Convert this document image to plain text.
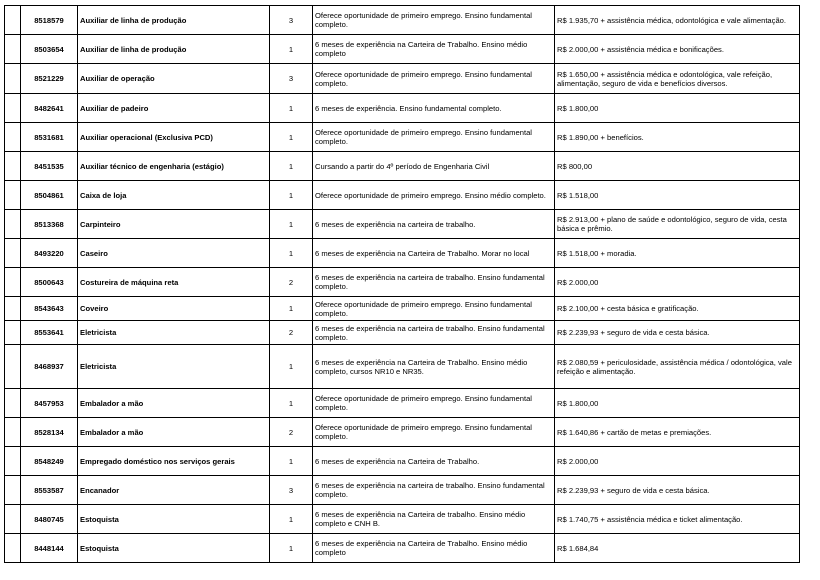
	8518579	Auxiliar de linha de produção	3	Oferece oportunidade de primeiro emprego. Ensino fundamental completo.	R$ 1.935,70 + assistência médica, odontológica e vale alimentação.
	8503654	Auxiliar de linha de produção	1	6 meses de experiência na Carteira de Trabalho. Ensino médio completo	R$ 2.000,00 + assistência médica e bonificações.
	8521229	Auxiliar de operação	3	Oferece oportunidade de primeiro emprego. Ensino fundamental completo.	R$ 1.650,00 + assistência médica e odontológica, vale refeição, alimentação, seguro de vida e benefícios diversos.
	8482641	Auxiliar de padeiro	1	6 meses de experiência. Ensino fundamental completo.	R$ 1.800,00
	8531681	Auxiliar operacional (Exclusiva PCD)	1	Oferece oportunidade de primeiro emprego. Ensino fundamental completo.	R$ 1.890,00 + benefícios.
	8451535	Auxiliar técnico de engenharia (estágio)	1	Cursando a partir do 4º período de Engenharia Civil	R$ 800,00
	8504861	Caixa de loja	1	Oferece oportunidade de primeiro emprego. Ensino médio completo.	R$ 1.518,00
	8513368	Carpinteiro	1	6 meses de experiência na carteira de trabalho.	R$ 2.913,00 + plano de saúde e odontológico, seguro de vida, cesta básica e prêmio.
	8493220	Caseiro	1	6 meses de experiência na Carteira de Trabalho. Morar no local	R$ 1.518,00 + moradia.
	8500643	Costureira de máquina reta	2	6 meses de experiência na carteira de trabalho. Ensino fundamental completo.	R$ 2.000,00
	8543643	Coveiro	1	Oferece oportunidade de primeiro emprego. Ensino fundamental completo.	R$ 2.100,00 + cesta básica e gratificação.
	8553641	Eletricista	2	6 meses de experiência na carteira de trabalho. Ensino fundamental completo.	R$ 2.239,93 + seguro de vida e cesta básica.
	8468937	Eletricista	1	6 meses de experiência na Carteira de Trabalho. Ensino médio completo, cursos NR10 e NR35.	R$ 2.080,59 + periculosidade, assistência médica / odontológica, vale refeição e alimentação.
	8457953	Embalador a mão	1	Oferece oportunidade de primeiro emprego. Ensino fundamental completo.	R$ 1.800,00
	8528134	Embalador a mão	2	Oferece oportunidade de primeiro emprego. Ensino fundamental completo.	R$ 1.640,86 + cartão de metas e premiações.
	8548249	Empregado doméstico nos serviços gerais	1	6 meses de experiência na Carteira de Trabalho.	R$ 2.000,00
	8553587	Encanador	3	6 meses de experiência na carteira de trabalho. Ensino fundamental completo.	R$ 2.239,93 + seguro de vida e cesta básica.
	8480745	Estoquista	1	6 meses de experiência na Carteira de trabalho. Ensino médio completo e CNH B.	R$ 1.740,75 + assistência médica e ticket alimentação.
	8448144	Estoquista	1	6 meses de experiência na Carteira de Trabalho. Ensino médio completo	R$ 1.684,84
